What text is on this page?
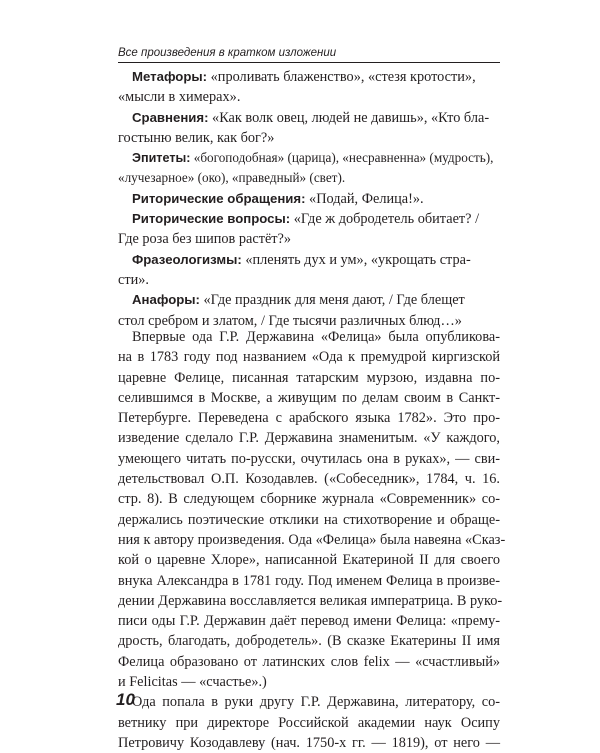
Все произведения в кратком изложении

Метафоры: «проливать блаженство», «стезя кротости»,
«мысли в химерах».

Сравнения: «Как волк овец, людей не давишь», «Кто бла-
гостыню велик, как бог?»

Эпитеты: «богоподобная» (царица), «несравненна» (мудрость),
«лучезарное» (око), «праведный» (свет).

Риторические обращения: «Подай, Фелица!».

Риторические вопросы: «Где ж добродетель обитает? /
Где роза без шипов растёт?»

Фразеологизмы: «пленять дух и ум», «укрощать стра-
сти».

Анафоры: «Где праздник для меня дают, / Где блещет
стол сребром и златом, / Где тысячи различных блюд…»

Впервые ода Г.Р. Державина «Фелица» была опубликова-
на в 1783 году под названием «Ода к премудрой киргизской
царевне Фелице, писанная татарским мурзою, издавна по-
селившимся в Москве, а живущим по делам своим в Санкт-
Петербурге. Переведена с арабского языка 1782». Это про-
изведение сделало Г.Р. Державина знаменитым. «У каждого,
умеющего читать по-русски, очутилась она в руках», — сви-
детельствовал О.П. Козодавлев. («Собеседник», 1784, ч. 16.
стр. 8). В следующем сборнике журнала «Современник» со-
держались поэтические отклики на стихотворение и обраще-
ния к автору произведения. Ода «Фелица» была навеяна «Сказ-
кой о царевне Хлоре», написанной Екатериной II для своего
внука Александра в 1781 году. Под именем Фелица в произве-
дении Державина восславляется великая императрица. В руко-
писи оды Г.Р. Державин даёт перевод имени Фелица: «прему-
дрость, благодать, добродетель». (В сказке Екатерины II имя
Фелица образовано от латинских слов felix — «счастливый»
и Felicitas — «счастье».)

Ода попала в руки другу Г.Р. Державина, литератору, со-
ветнику при директоре Российской академии наук Осипу
Петровичу Козодавлеву (нач. 1750-х гг. — 1819), от него —

10
